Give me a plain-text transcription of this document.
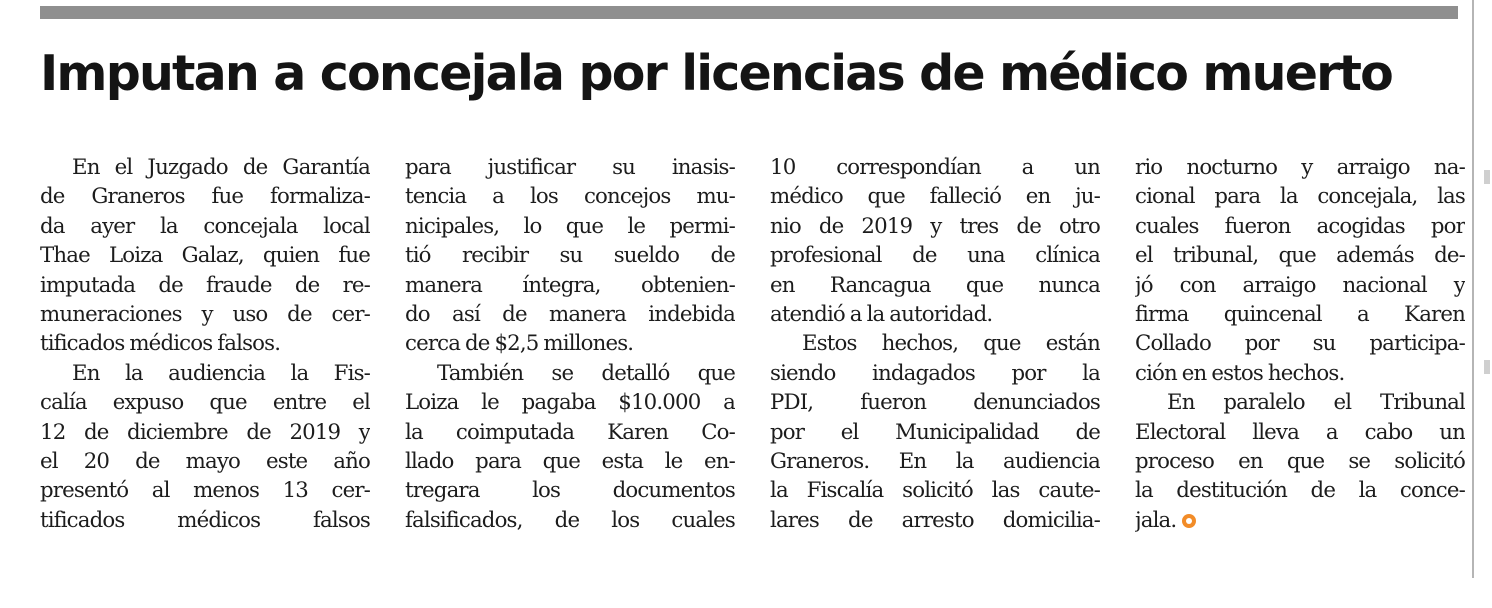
Imputan a concejala por licencias de médico muerto
En el Juzgado de Garantía
de Graneros fue formaliza-
da ayer la concejala local
Thae Loiza Galaz, quien fue
imputada de fraude de re-
muneraciones y uso de cer-
tificados médicos falsos.
En la audiencia la Fis-
calía expuso que entre el
12 de diciembre de 2019 y
el 20 de mayo este año
presentó al menos 13 cer-
tificados médicos falsos
para justificar su inasis-
tencia a los concejos mu-
nicipales, lo que le permi-
tió recibir su sueldo de
manera íntegra, obtenien-
do así de manera indebida
cerca de $2,5 millones.
También se detalló que
Loiza le pagaba $10.000 a
la coimputada Karen Co-
llado para que esta le en-
tregara los documentos
falsificados, de los cuales
10 correspondían a un
médico que falleció en ju-
nio de 2019 y tres de otro
profesional de una clínica
en Rancagua que nunca
atendió a la autoridad.
Estos hechos, que están
siendo indagados por la
PDI, fueron denunciados
por el Municipalidad de
Graneros. En la audiencia
la Fiscalía solicitó las caute-
lares de arresto domicilia-
rio nocturno y arraigo na-
cional para la concejala, las
cuales fueron acogidas por
el tribunal, que además de-
jó con arraigo nacional y
firma quincenal a Karen
Collado por su participa-
ción en estos hechos.
En paralelo el Tribunal
Electoral lleva a cabo un
proceso en que se solicitó
la destitución de la conce-
jala.
